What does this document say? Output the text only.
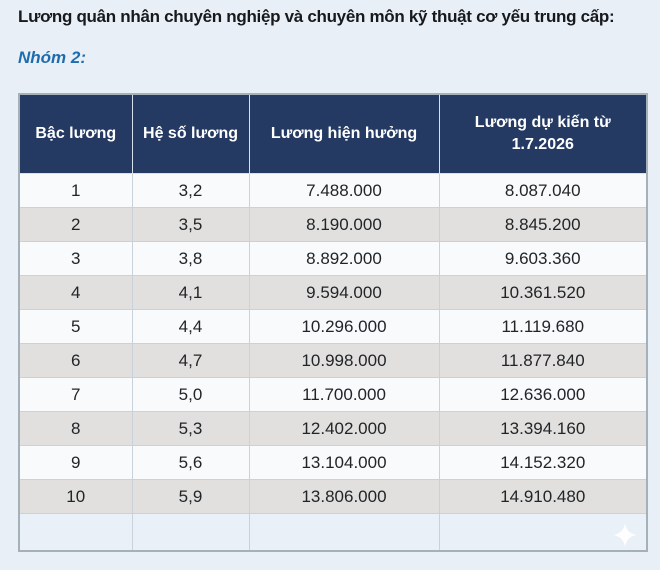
Lương quân nhân chuyên nghiệp và chuyên môn kỹ thuật cơ yếu trung cấp:
Nhóm 2:
Bậc lương	Hệ số lương	Lương hiện hưởng	Lương dự kiến từ 1.7.2026
1	3,2	7.488.000	8.087.040
2	3,5	8.190.000	8.845.200
3	3,8	8.892.000	9.603.360
4	4,1	9.594.000	10.361.520
5	4,4	10.296.000	11.119.680
6	4,7	10.998.000	11.877.840
7	5,0	11.700.000	12.636.000
8	5,3	12.402.000	13.394.160
9	5,6	13.104.000	14.152.320
10	5,9	13.806.000	14.910.480
